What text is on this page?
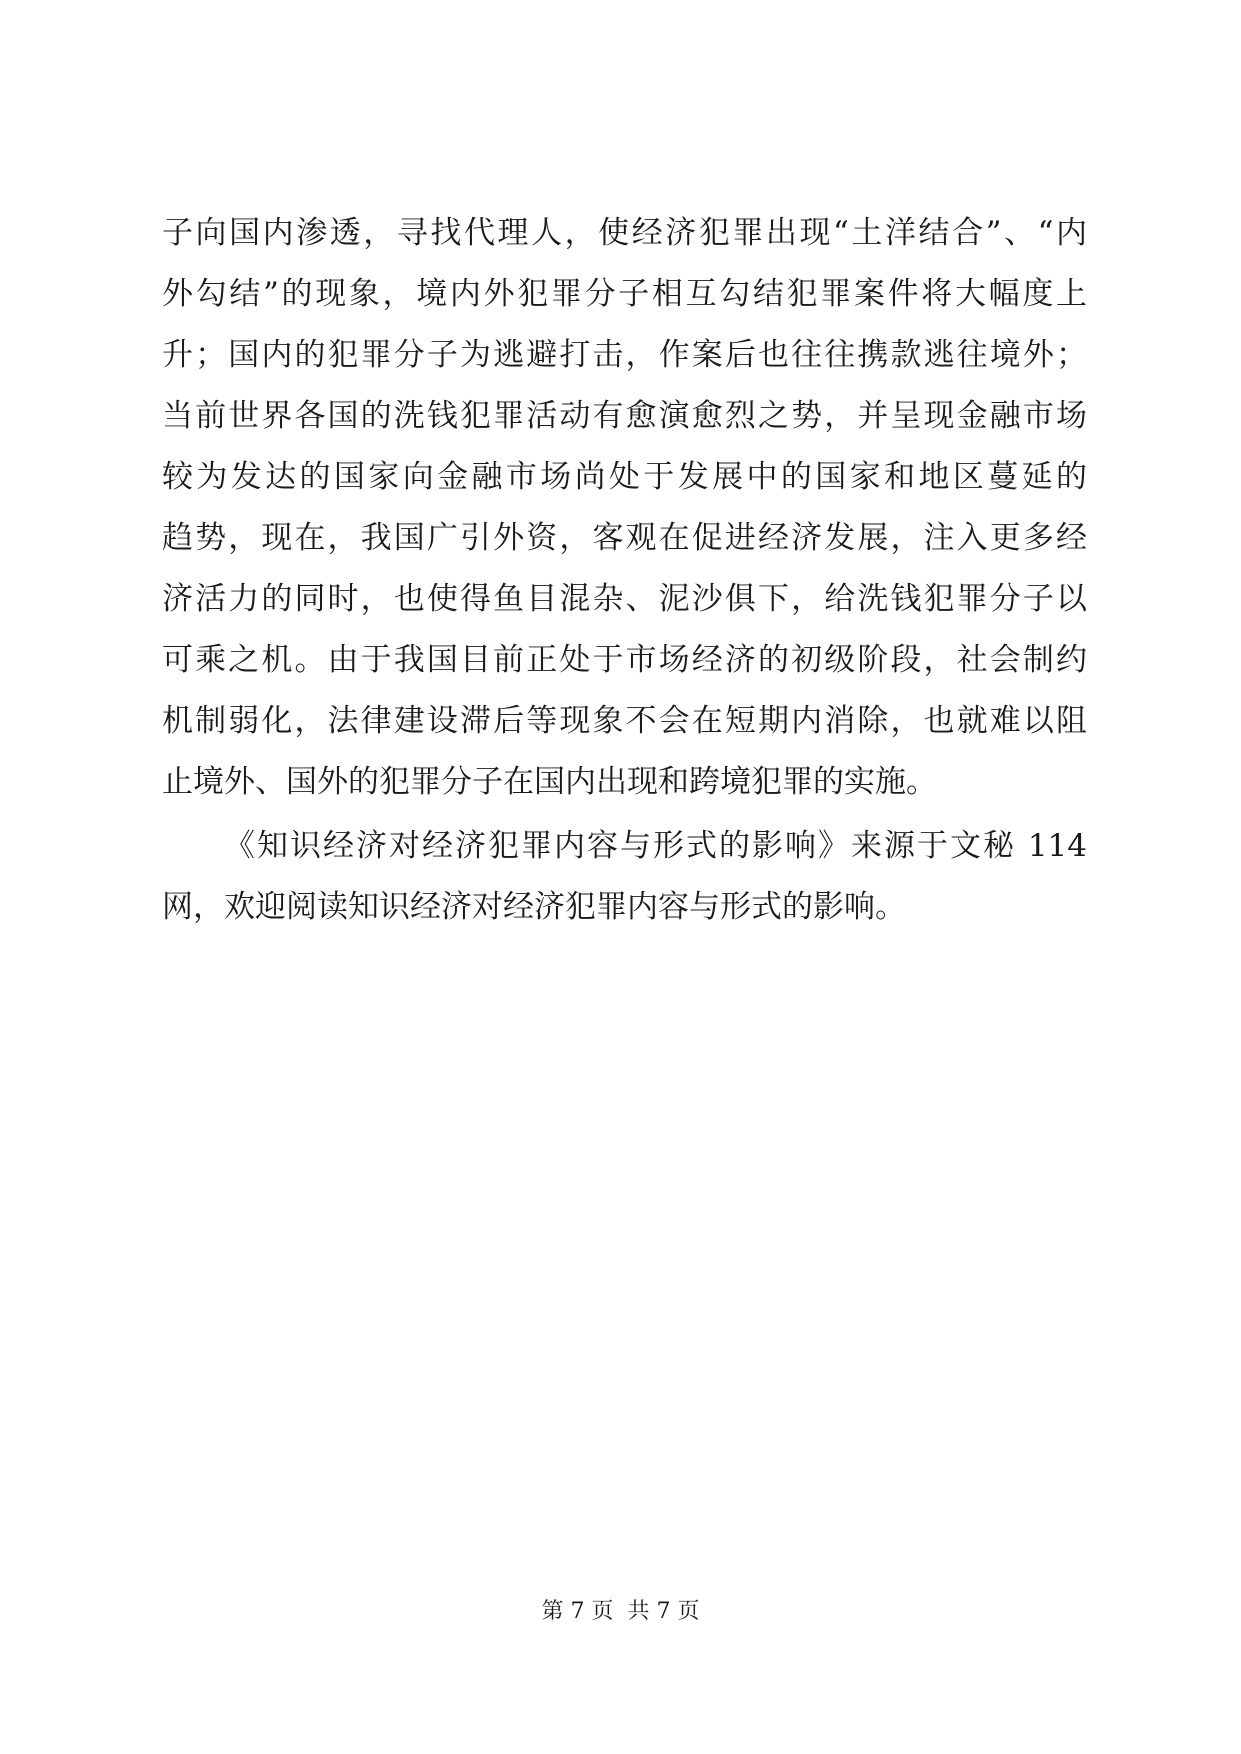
子向国内渗透，寻找代理人，使经济犯罪出现“土洋结合”、“内
外勾结”的现象，境内外犯罪分子相互勾结犯罪案件将大幅度上
升；国内的犯罪分子为逃避打击，作案后也往往携款逃往境外；
当前世界各国的洗钱犯罪活动有愈演愈烈之势，并呈现金融市场
较为发达的国家向金融市场尚处于发展中的国家和地区蔓延的
趋势，现在，我国广引外资，客观在促进经济发展，注入更多经
济活力的同时，也使得鱼目混杂、泥沙俱下，给洗钱犯罪分子以
可乘之机。由于我国目前正处于市场经济的初级阶段，社会制约
机制弱化，法律建设滞后等现象不会在短期内消除，也就难以阻
止境外、国外的犯罪分子在国内出现和跨境犯罪的实施。
《知识经济对经济犯罪内容与形式的影响》来源于文秘 114
网，欢迎阅读知识经济对经济犯罪内容与形式的影响。
第 7 页  共 7 页
